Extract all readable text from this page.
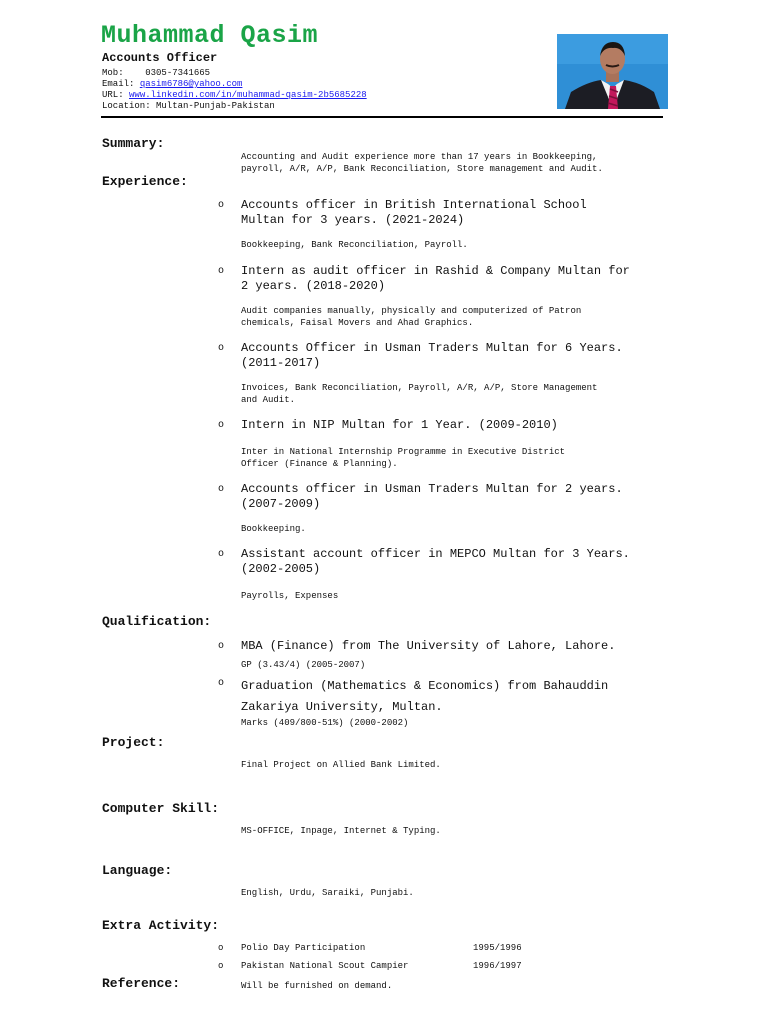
Muhammad Qasim
Accounts Officer
Mob: 0305-7341665
Email: qasim6786@yahoo.com
URL: www.linkedin.com/in/muhammad-qasim-2b5685228
Location: Multan-Punjab-Pakistan
Summary:
Accounting and Audit experience more than 17 years in Bookkeeping,
payroll, A/R, A/P, Bank Reconciliation, Store management and Audit.
Experience:
o Accounts officer in British International School
Multan for 3 years. (2021-2024)
Bookkeeping, Bank Reconciliation, Payroll.
o Intern as audit officer in Rashid & Company Multan for
2 years. (2018-2020)
Audit companies manually, physically and computerized of Patron
chemicals, Faisal Movers and Ahad Graphics.
o Accounts Officer in Usman Traders Multan for 6 Years.
(2011-2017)
Invoices, Bank Reconciliation, Payroll, A/R, A/P, Store Management
and Audit.
o Intern in NIP Multan for 1 Year. (2009-2010)
Inter in National Internship Programme in Executive District
Officer (Finance & Planning).
o Accounts officer in Usman Traders Multan for 2 years.
(2007-2009)
Bookkeeping.
o Assistant account officer in MEPCO Multan for 3 Years.
(2002-2005)
Payrolls, Expenses
Qualification:
o MBA (Finance) from The University of Lahore, Lahore.
GP (3.43/4) (2005-2007)
o Graduation (Mathematics & Economics) from Bahauddin
Zakariya University, Multan.
Marks (409/800-51%) (2000-2002)
Project:
Final Project on Allied Bank Limited.
Computer Skill:
MS-OFFICE, Inpage, Internet & Typing.
Language:
English, Urdu, Saraiki, Punjabi.
Extra Activity:
o Polio Day Participation	1995/1996
o Pakistan National Scout Campier	1996/1997
Reference:	Will be furnished on demand.
